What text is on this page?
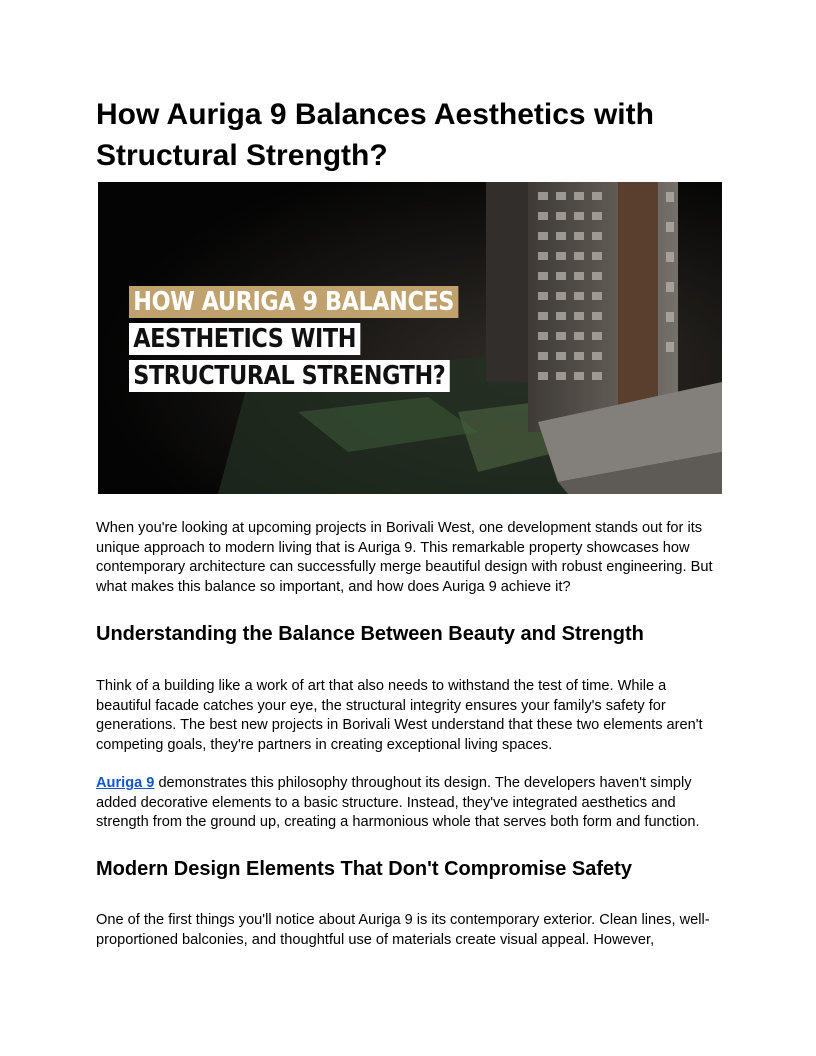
How Auriga 9 Balances Aesthetics with Structural Strength?
HOW AURIGA 9 BALANCES
AESTHETICS WITH
STRUCTURAL STRENGTH?

When you're looking at upcoming projects in Borivali West, one development stands out for its unique approach to modern living that is Auriga 9. This remarkable property showcases how contemporary architecture can successfully merge beautiful design with robust engineering. But what makes this balance so important, and how does Auriga 9 achieve it?

Understanding the Balance Between Beauty and Strength

Think of a building like a work of art that also needs to withstand the test of time. While a beautiful facade catches your eye, the structural integrity ensures your family's safety for generations. The best new projects in Borivali West understand that these two elements aren't competing goals, they're partners in creating exceptional living spaces.

Auriga 9 demonstrates this philosophy throughout its design. The developers haven't simply added decorative elements to a basic structure. Instead, they've integrated aesthetics and strength from the ground up, creating a harmonious whole that serves both form and function.

Modern Design Elements That Don't Compromise Safety

One of the first things you'll notice about Auriga 9 is its contemporary exterior. Clean lines, well-proportioned balconies, and thoughtful use of materials create visual appeal. However,
